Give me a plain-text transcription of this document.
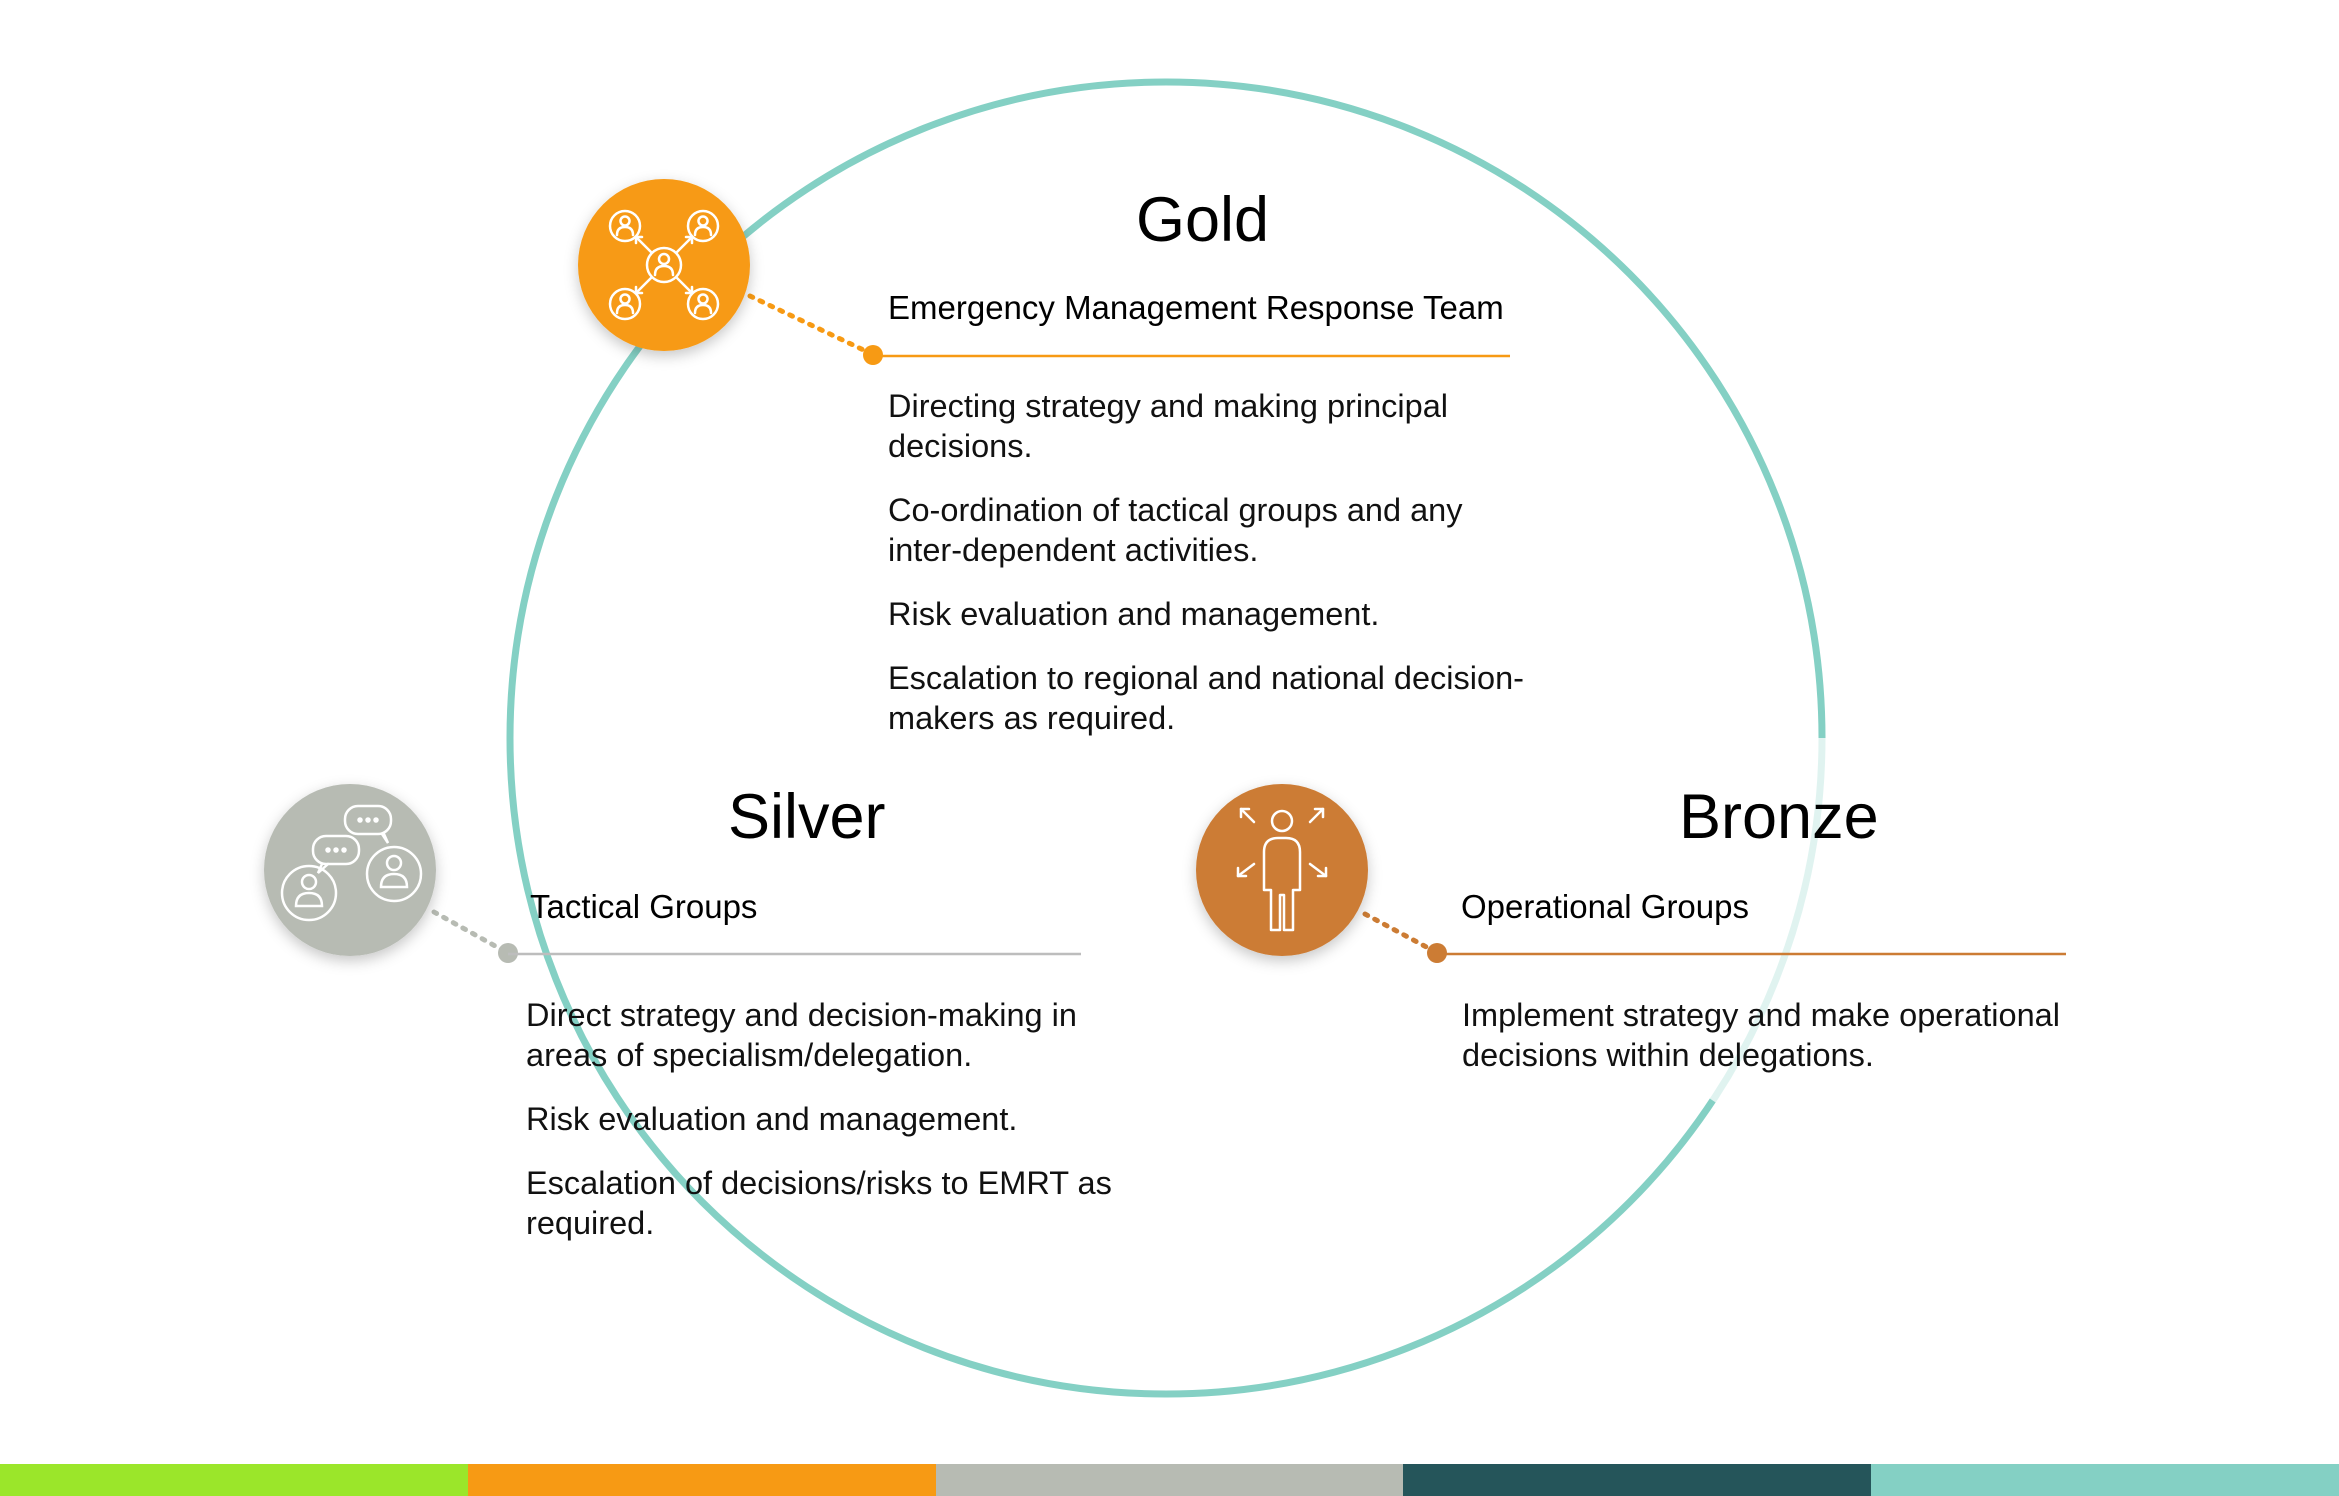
Gold
Emergency Management Response Team
Directing strategy and making principal decisions.
Co-ordination of tactical groups and any inter-dependent activities.
Risk evaluation and management.
Escalation to regional and national decision-makers as required.
Silver
Tactical Groups
Direct strategy and decision-making in areas of specialism/delegation.
Risk evaluation and management.
Escalation of decisions/risks to EMRT as required.
Bronze
Operational Groups
Implement strategy and make operational decisions within delegations.
